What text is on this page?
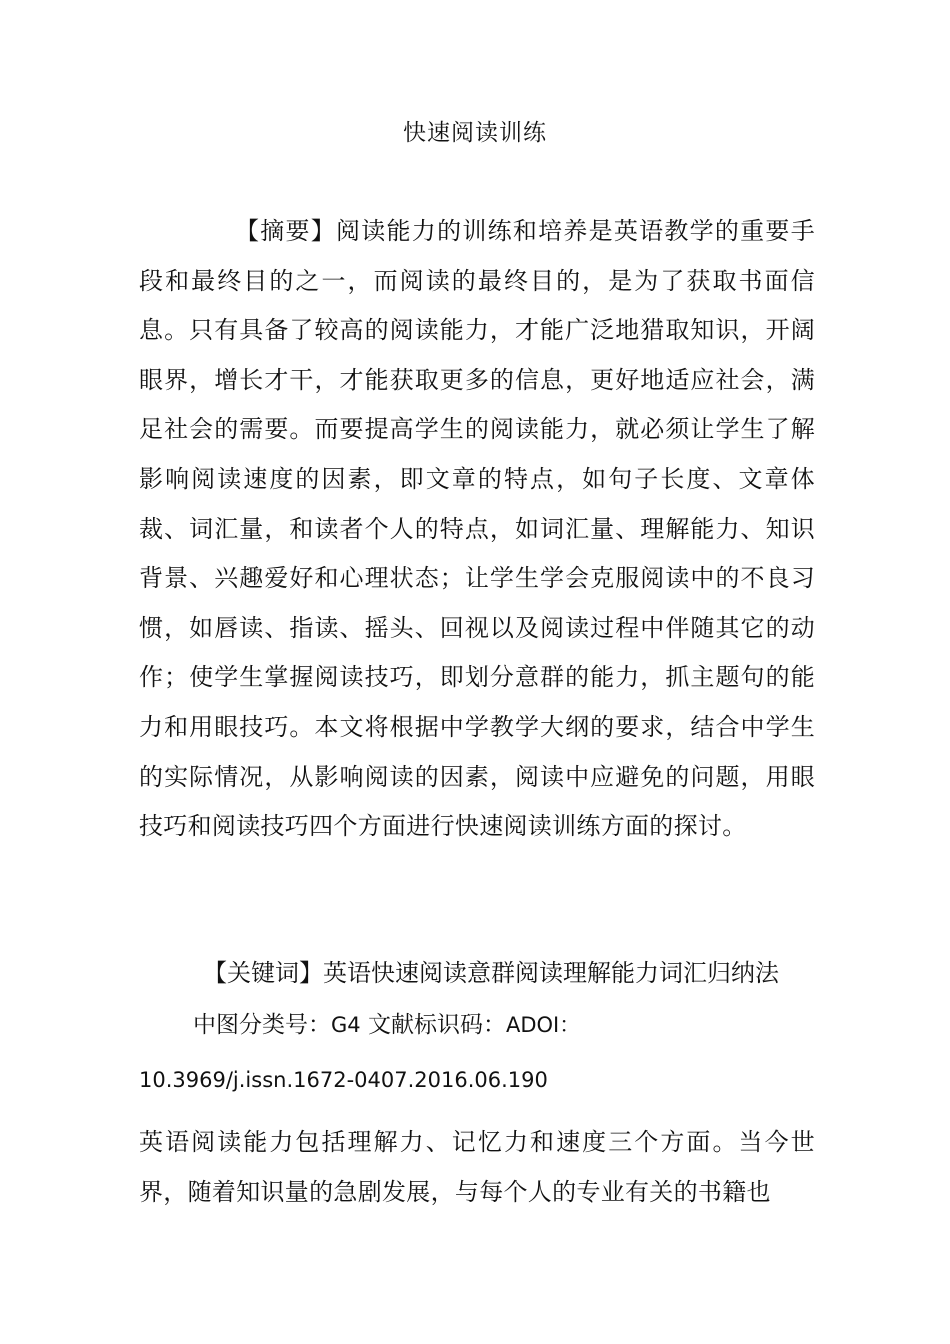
快速阅读训练

【摘要】阅读能力的训练和培养是英语教学的重要手段和最终目的之一，而阅读的最终目的，是为了获取书面信息。只有具备了较高的阅读能力，才能广泛地猎取知识，开阔眼界，增长才干，才能获取更多的信息，更好地适应社会，满足社会的需要。而要提高学生的阅读能力，就必须让学生了解影响阅读速度的因素，即文章的特点，如句子长度、文章体裁、词汇量，和读者个人的特点，如词汇量、理解能力、知识背景、兴趣爱好和心理状态；让学生学会克服阅读中的不良习惯，如唇读、指读、摇头、回视以及阅读过程中伴随其它的动作；使学生掌握阅读技巧，即划分意群的能力，抓主题句的能力和用眼技巧。本文将根据中学教学大纲的要求，结合中学生的实际情况，从影响阅读的因素，阅读中应避免的问题，用眼技巧和阅读技巧四个方面进行快速阅读训练方面的探讨。

【关键词】英语快速阅读意群阅读理解能力词汇归纳法

中图分类号：G4 文献标识码：ADOI：

10.3969/j.issn.1672-0407.2016.06.190

英语阅读能力包括理解力、记忆力和速度三个方面。当今世界，随着知识量的急剧发展，与每个人的专业有关的书籍也
